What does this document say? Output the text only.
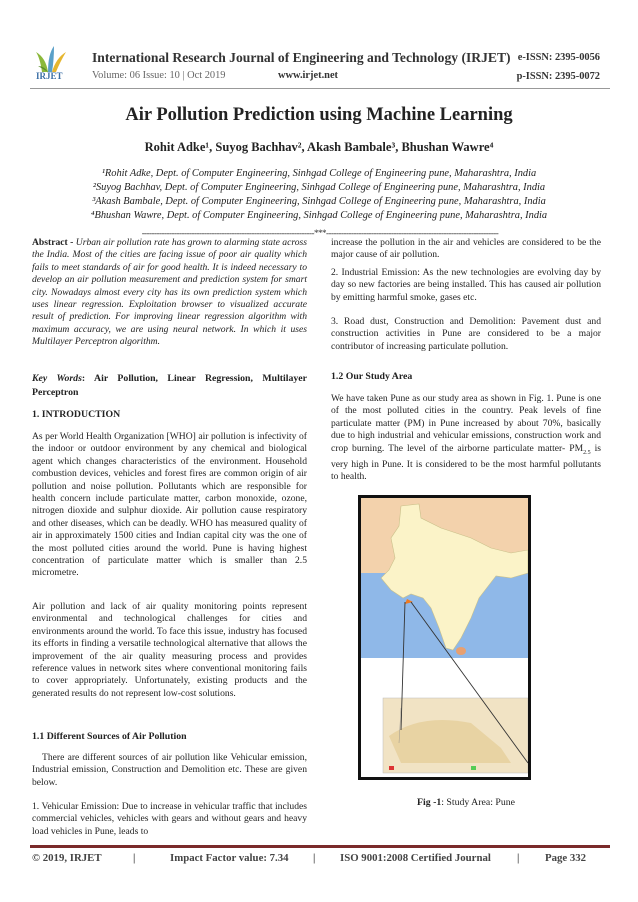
IRJET
International Research Journal of Engineering and Technology (IRJET) e-ISSN: 2395-0056
Volume: 06 Issue: 10 | Oct 2019	www.irjet.net	p-ISSN: 2395-0072
Air Pollution Prediction using Machine Learning
Rohit Adke¹, Suyog Bachhav², Akash Bambale³, Bhushan Wawre⁴
¹Rohit Adke, Dept. of Computer Engineering, Sinhgad College of Engineering pune, Maharashtra, India
²Suyog Bachhav, Dept. of Computer Engineering, Sinhgad College of Engineering pune, Maharashtra, India
³Akash Bambale, Dept. of Computer Engineering, Sinhgad College of Engineering pune, Maharashtra, India
⁴Bhushan Wawre, Dept. of Computer Engineering, Sinhgad College of Engineering pune, Maharashtra, India
---------------------------------------------------------------------***---------------------------------------------------------------------
Abstract - Urban air pollution rate has grown to alarming state across the India. Most of the cities are facing issue of poor air quality which fails to meet standards of air for good health. It is indeed necessary to develop an air pollution measurement and prediction system for smart city. Nowadays almost every city has its own prediction system which uses linear regression. Exploitation browser to visualized accurate result of prediction. For improving linear regression algorithm with maximum accuracy, we are using neural network. In which it uses Multilayer Perceptron algorithm.
Key Words: Air Pollution, Linear Regression, Multilayer Perceptron
1. INTRODUCTION
As per World Health Organization [WHO] air pollution is infectivity of the indoor or outdoor environment by any chemical and biological agent which changes characteristics of the environment. Household combustion devices, vehicles and forest fires are common origin of air pollution and noise pollution. Pollutants which are responsible for health concern include particulate matter, carbon monoxide, ozone, nitrogen dioxide and sulphur dioxide. Air pollution cause respiratory and other diseases, which can be deadly. WHO has measured quality of air in approximately 1500 cities and Indian capital city was the one of the most polluted cities around the world. Pune is having highest concentration of particulate matter which is smaller than 2.5 micrometre.
Air pollution and lack of air quality monitoring points represent environmental and technological challenges for cities and environments around the world. To face this issue, industry has focused its efforts in finding a versatile technological alternative that allows the improvement of the air quality measuring process and provides reference values in network sites where conventional monitoring fails to cover appropriately. Unfortunately, existing products and the generated results do not represent low-cost solutions.
1.1 Different Sources of Air Pollution
There are different sources of air pollution like Vehicular emission, Industrial emission, Construction and Demolition etc. These are given below.
1. Vehicular Emission: Due to increase in vehicular traffic that includes commercial vehicles, vehicles with gears and without gears and heavy load vehicles in Pune, leads to
increase the pollution in the air and vehicles are considered to be the major cause of air pollution.
2. Industrial Emission: As the new technologies are evolving day by day so new factories are being installed. This has caused air pollution by emitting harmful smoke, gases etc.
3. Road dust, Construction and Demolition: Pavement dust and construction activities in Pune are considered to be a major contributor of increasing particulate pollution.
1.2 Our Study Area
We have taken Pune as our study area as shown in Fig. 1. Pune is one of the most polluted cities in the country. Peak levels of fine particulate matter (PM) in Pune increased by about 70%, basically due to high industrial and vehicular emissions, construction work and crop burning. The level of the airborne particulate matter- $PM_{2.5}$ is very high in Pune. It is considered to be the most harmful pollutants to health.
Fig -1: Study Area: Pune
© 2019, IRJET	|	Impact Factor value: 7.34 | ISO 9001:2008 Certified Journal | Page 332
